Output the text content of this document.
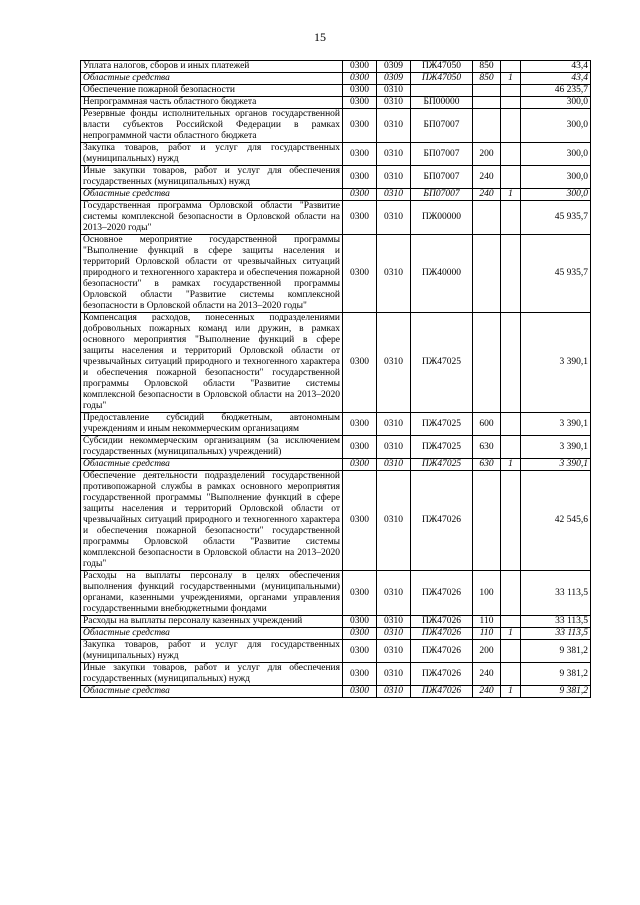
15
Уплата налогов, сборов и иных платежей	0300	0309	ПЖ47050	850		43,4
Областные средства	0300	0309	ПЖ47050	850	1	43,4
Обеспечение пожарной безопасности	0300	0310				46 235,7
Непрограммная часть областного бюджета	0300	0310	БП00000			300,0
Резервные фонды исполнительных органов государственной власти субъектов Российской Федерации в рамках непрограммной части областного бюджета	0300	0310	БП07007			300,0
Закупка товаров, работ и услуг для государственных (муниципальных) нужд	0300	0310	БП07007	200		300,0
Иные закупки товаров, работ и услуг для обеспечения государственных (муниципальных) нужд	0300	0310	БП07007	240		300,0
Областные средства	0300	0310	БП07007	240	1	300,0
Государственная программа Орловской области "Развитие системы комплексной безопасности в Орловской области на 2013–2020 годы"	0300	0310	ПЖ00000			45 935,7
Основное мероприятие государственной программы "Выполнение функций в сфере защиты населения и территорий Орловской области от чрезвычайных ситуаций природного и техногенного характера и обеспечения пожарной безопасности" в рамках государственной программы Орловской области "Развитие системы комплексной безопасности в Орловской области на 2013–2020 годы"	0300	0310	ПЖ40000			45 935,7
Компенсация расходов, понесенных подразделениями добровольных пожарных команд или дружин, в рамках основного мероприятия "Выполнение функций в сфере защиты населения и территорий Орловской области от чрезвычайных ситуаций природного и техногенного характера и обеспечения пожарной безопасности" государственной программы Орловской области "Развитие системы комплексной безопасности в Орловской области на 2013–2020 годы"	0300	0310	ПЖ47025			3 390,1
Предоставление субсидий бюджетным, автономным учреждениям и иным некоммерческим организациям	0300	0310	ПЖ47025	600		3 390,1
Субсидии некоммерческим организациям (за исключением государственных (муниципальных) учреждений)	0300	0310	ПЖ47025	630		3 390,1
Областные средства	0300	0310	ПЖ47025	630	1	3 390,1
Обеспечение деятельности подразделений государственной противопожарной службы в рамках основного мероприятия государственной программы "Выполнение функций в сфере защиты населения и территорий Орловской области от чрезвычайных ситуаций природного и техногенного характера и обеспечения пожарной безопасности" государственной программы Орловской области "Развитие системы комплексной безопасности в Орловской области на 2013–2020 годы"	0300	0310	ПЖ47026			42 545,6
Расходы на выплаты персоналу в целях обеспечения выполнения функций государственными (муниципальными) органами, казенными учреждениями, органами управления государственными внебюджетными фондами	0300	0310	ПЖ47026	100		33 113,5
Расходы на выплаты персоналу казенных учреждений	0300	0310	ПЖ47026	110		33 113,5
Областные средства	0300	0310	ПЖ47026	110	1	33 113,5
Закупка товаров, работ и услуг для государственных (муниципальных) нужд	0300	0310	ПЖ47026	200		9 381,2
Иные закупки товаров, работ и услуг для обеспечения государственных (муниципальных) нужд	0300	0310	ПЖ47026	240		9 381,2
Областные средства	0300	0310	ПЖ47026	240	1	9 381,2
